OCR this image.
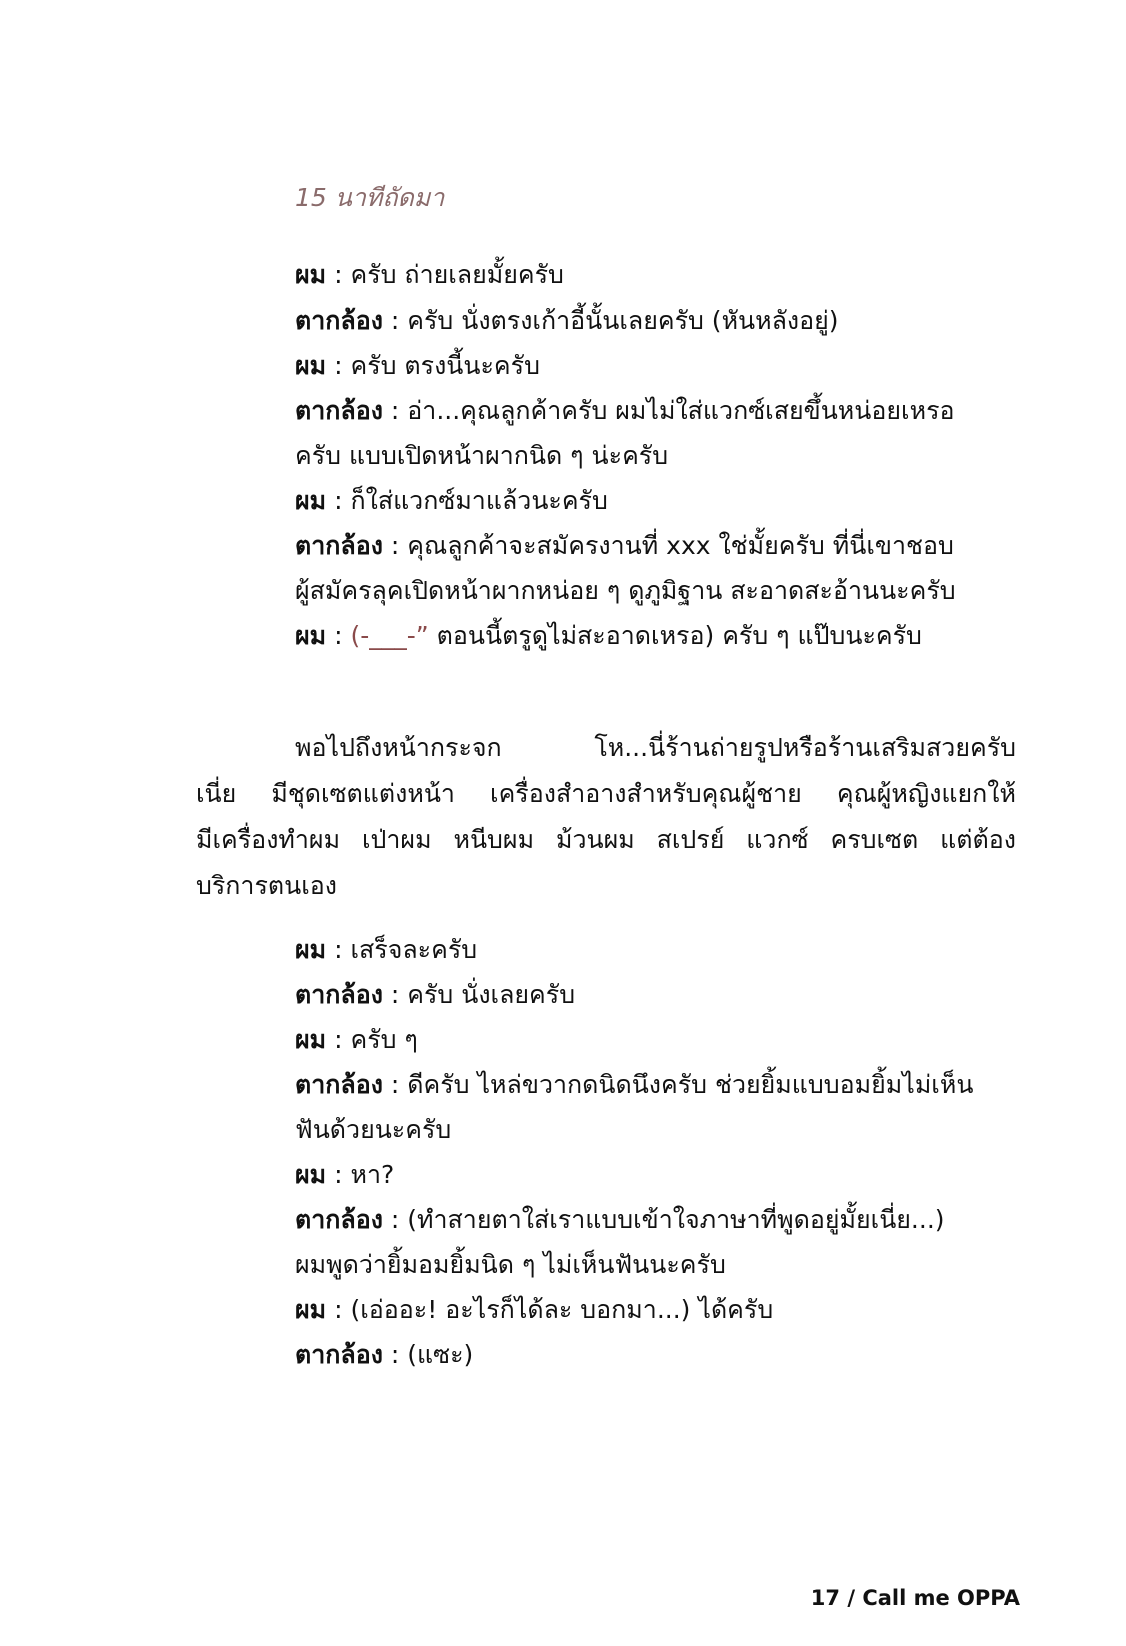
15 นาทีถัดมา
ผม : ครับ ถ่ายเลยมั้ยครับ
ตากล้อง : ครับ นั่งตรงเก้าอี้นั้นเลยครับ (หันหลังอยู่)
ผม : ครับ ตรงนี้นะครับ
ตากล้อง : อ่า...คุณลูกค้าครับ ผมไม่ใส่แวกซ์เสยขึ้นหน่อยเหรอ
ครับ แบบเปิดหน้าผากนิด ๆ น่ะครับ
ผม : ก็ใส่แวกซ์มาแล้วนะครับ
ตากล้อง : คุณลูกค้าจะสมัครงานที่ xxx ใช่มั้ยครับ ที่นี่เขาชอบ
ผู้สมัครลุคเปิดหน้าผากหน่อย ๆ ดูภูมิฐาน สะอาดสะอ้านนะครับ
ผม : (-___-” ตอนนี้ตรูดูไม่สะอาดเหรอ) ครับ ๆ แป๊บนะครับ
พอไปถึงหน้ากระจก โห...นี่ร้านถ่ายรูปหรือร้านเสริมสวยครับ
เนี่ย มีชุดเซตแต่งหน้า เครื่องสำอางสำหรับคุณผู้ชาย คุณผู้หญิงแยกให้
มีเครื่องทำผม เป่าผม หนีบผม ม้วนผม สเปรย์ แวกซ์ ครบเซต แต่ต้อง
บริการตนเอง
ผม : เสร็จละครับ
ตากล้อง : ครับ นั่งเลยครับ
ผม : ครับ ๆ
ตากล้อง : ดีครับ ไหล่ขวากดนิดนึงครับ ช่วยยิ้มแบบอมยิ้มไม่เห็น
ฟันด้วยนะครับ
ผม : หา?
ตากล้อง : (ทำสายตาใส่เราแบบเข้าใจภาษาที่พูดอยู่มั้ยเนี่ย...)
ผมพูดว่ายิ้มอมยิ้มนิด ๆ ไม่เห็นฟันนะครับ
ผม : (เอ่ออะ! อะไรก็ได้ละ บอกมา...) ได้ครับ
ตากล้อง : (แซะ)
17 / Call me OPPA
